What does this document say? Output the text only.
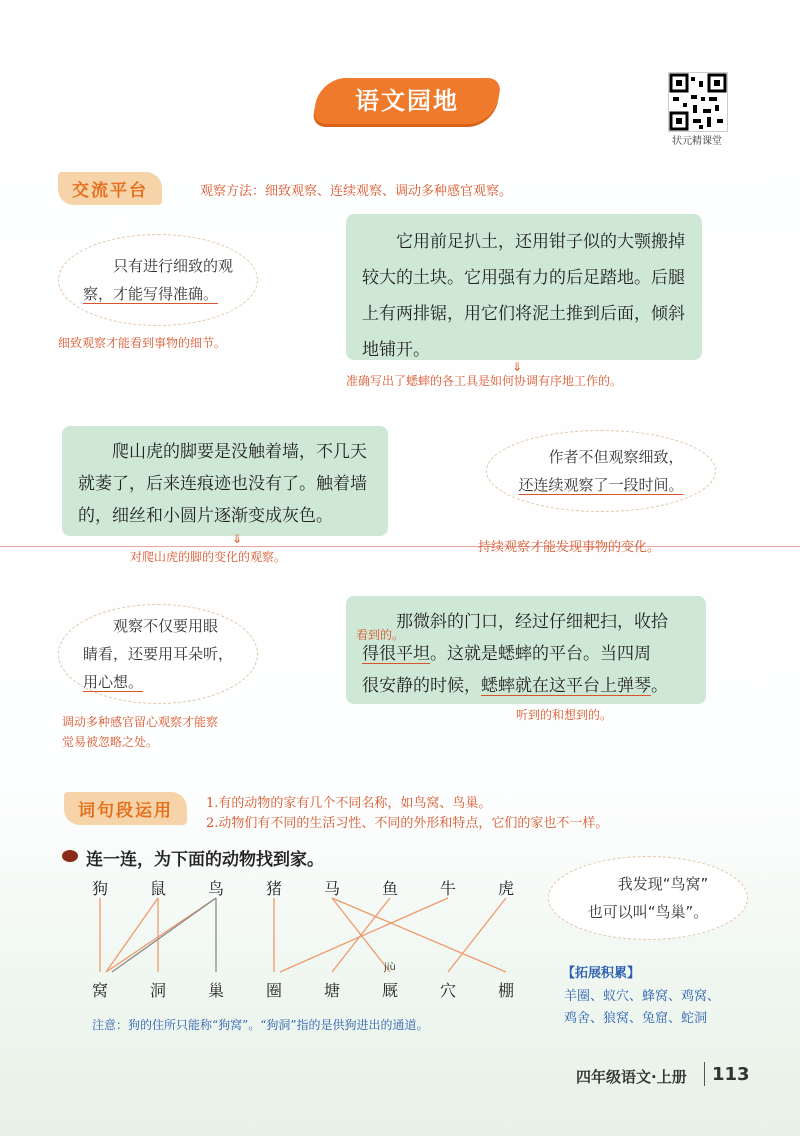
语文园地
状元精课堂
交流平台	观察方法：细致观察、连续观察、调动多种感官观察。
只有进行细致的观
察，才能写得准确。
细致观察才能看到事物的细节。
它用前足扒土，还用钳子似的大颚搬掉较大的土块。它用强有力的后足踏地。后腿上有两排锯，用它们将泥土推到后面，倾斜地铺开。
⇓
准确写出了蟋蟀的各工具是如何协调有序地工作的。
爬山虎的脚要是没触着墙，不几天就萎了，后来连痕迹也没有了。触着墙的，细丝和小圆片逐渐变成灰色。
⇓
对爬山虎的脚的变化的观察。
作者不但观察细致，
还连续观察了一段时间。
持续观察才能发现事物的变化。
观察不仅要用眼
睛看，还要用耳朵听，
用心想。
调动多种感官留心观察才能察
觉易被忽略之处。
那微斜的门口，经过仔细耙扫，收拾
得很平坦。这就是蟋蟀的平台。当四周
很安静的时候，蟋蟀就在这平台上弹琴。
看到的。
听到的和想到的。
词句段运用	1.有的动物的家有几个不同名称，如鸟窝、鸟巢。
2.动物们有不同的生活习性、不同的外形和特点，它们的家也不一样。
连一连，为下面的动物找到家。
狗	鼠	鸟	猪	马	鱼	牛	虎
jiù
窝	洞	巢	圈	塘	厩	穴	棚
我发现“鸟窝”
也可以叫“鸟巢”。
【拓展积累】
羊圈、蚁穴、蜂窝、鸡窝、
鸡舍、狼窝、兔窟、蛇洞
注意：狗的住所只能称“狗窝”。“狗洞”指的是供狗进出的通道。
四年级语文·上册 113
